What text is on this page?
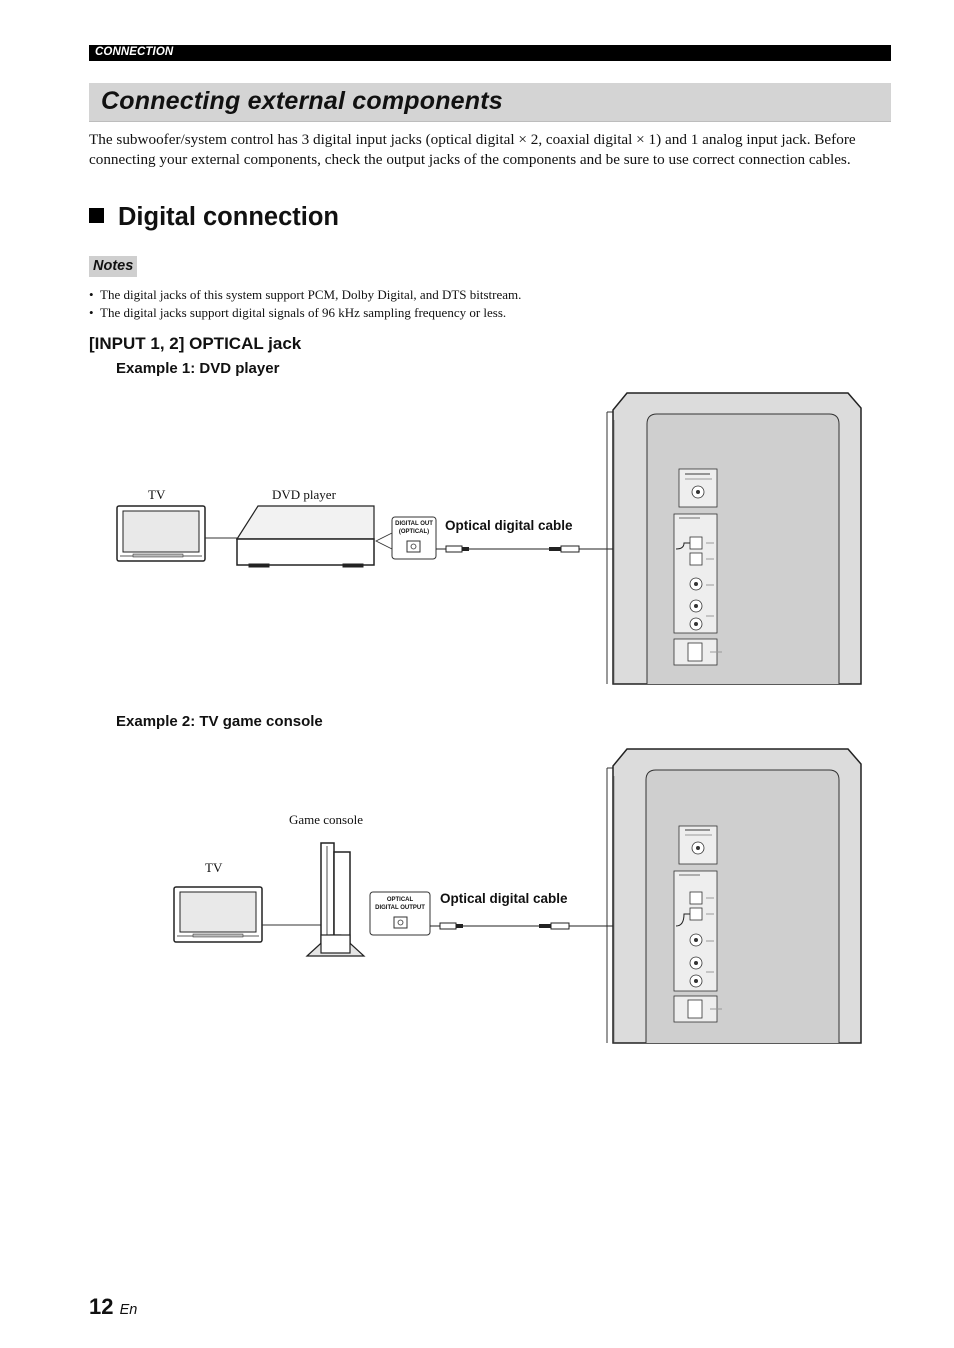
CONNECTION
Connecting external components
The subwoofer/system control has 3 digital input jacks (optical digital × 2, coaxial digital × 1) and 1 analog input jack. Before connecting your external components, check the output jacks of the components and be sure to use correct connection cables.
Digital connection
Notes
• The digital jacks of this system support PCM, Dolby Digital, and DTS bitstream.
• The digital jacks support digital signals of 96 kHz sampling frequency or less.
[INPUT 1, 2] OPTICAL jack
Example 1: DVD player
TV	DVD player
DIGITAL OUT
(OPTICAL)	Optical digital cable
Example 2: TV game console
TV
Game console
OPTICAL
DIGITAL OUTPUT
Optical digital cable
12 En
